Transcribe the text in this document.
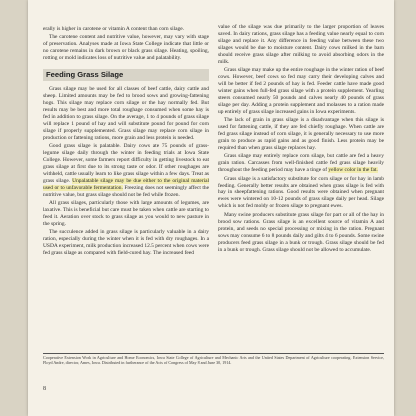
erally is higher in carotene or vitamin A content than corn silage.

The carotene content and nutritive value, however, may vary with stage of preservation. Analyses made at Iowa State College indicate that little or no carotene remains in dark brown or black grass silage. Heating, spoiling, rotting or mold indicates loss of nutritive value and palatability.

Feeding Grass Silage

Grass silage may be used for all classes of beef cattle, dairy cattle and sheep. Limited amounts may be fed to brood sows and growing-fattening hogs. This silage may replace corn silage or the hay normally fed. But results may be best and more total roughage consumed when some hay is fed in addition to grass silage. On the average, 1 to 4 pounds of grass silage will replace 1 pound of hay and will substitute pound for pound for corn silage if properly supplemented. Grass silage may replace corn silage in production or fattening rations, more grain and less protein is needed.

Good grass silage is palatable. Dairy cows ate 75 pounds of grass-legume silage daily through the winter in feeding trials at Iowa State College. However, some farmers report difficulty in getting livestock to eat grass silage at first due to its strong taste or odor. If other roughages are withheld, cattle usually learn to like grass silage within a few days. Treat as grass silage. Unpalatable silage may be due either to the original material used or to unfavorable fermentation. Freezing does not seemingly affect the nutritive value, but grass silage should not be fed while frozen.

All grass silages, particularly those with large amounts of legumes, are laxative. This is beneficial but care must be taken when cattle are starting to feed it. Aeration over stock to grass silage as you would to new pasture in the spring.

The succulence added in grass silage is particularly valuable in a dairy ration, especially during the winter when it is fed with dry roughages. In a USDA experiment, milk production increased 12.5 percent when cows were fed grass silage as compared with field-cured hay. The increased feed

value of the silage was due primarily to the larger proportion of leaves saved. In dairy rations, grass silage has a feeding value nearly equal to corn silage and replace it. Any difference in feeding value between these two silages would be due to moisture content. Dairy cows milked in the barn should receive grass silage after milking to avoid absorbing odors in the milk.

Grass silage may make up the entire roughage in the winter ration of beef cows. However, beef cows so fed may carry their developing calves and will be better if fed 2 pounds of hay is fed. Feeder cattle have made good winter gains when full-fed grass silage with a protein supplement. Yearling steers consumed nearly 50 pounds and calves nearly 40 pounds of grass silage per day. Adding a protein supplement and molasses to a ration made up entirely of grass silage increased gains in Iowa experiments.

The lack of grain in grass silage is a disadvantage when this silage is used for fattening cattle, if they are fed chiefly roughage. When cattle are fed grass silage instead of corn silage, it is generally necessary to use more grain to produce as rapid gains and as good finish. Less protein may be required than when grass silage replaces hay.

Grass silage may entirely replace corn silage, but cattle are fed a heavy grain ration. Carcasses from well-finished cattle fed grass silage heavily throughout the feeding period may have a tinge of yellow color in the fat.

Grass silage is a satisfactory substitute for corn silage or for hay in lamb feeding. Generally better results are obtained when grass silage is fed with hay in sheepfattening rations. Good results were obtained when pregnant ewes were wintered on 10-12 pounds of grass silage daily per head. Silage which is not fed moldy or frozen silage to pregnant ewes.

Many swine producers substitute grass silage for part or all of the hay in brood sow rations. Grass silage is an excellent source of vitamin A and protein, and seeds no special processing or mixing in the ration. Pregnant sows may consume 6 to 8 pounds daily and gilts 4 to 6 pounds. Some swine producers feed grass silage in a bunk or trough. Grass silage should be fed in a bunk or trough. Grass silage should not be allowed to accumulate.

Cooperative Extension Work in Agriculture and Home Economics, Iowa State College of Agriculture and Mechanic Arts and the United States Department of Agriculture cooperating. Extension Service, Floyd Andre, director, Ames, Iowa. Distributed in furtherance of the Acts of Congress of May 8 and June 30, 1914.
8
